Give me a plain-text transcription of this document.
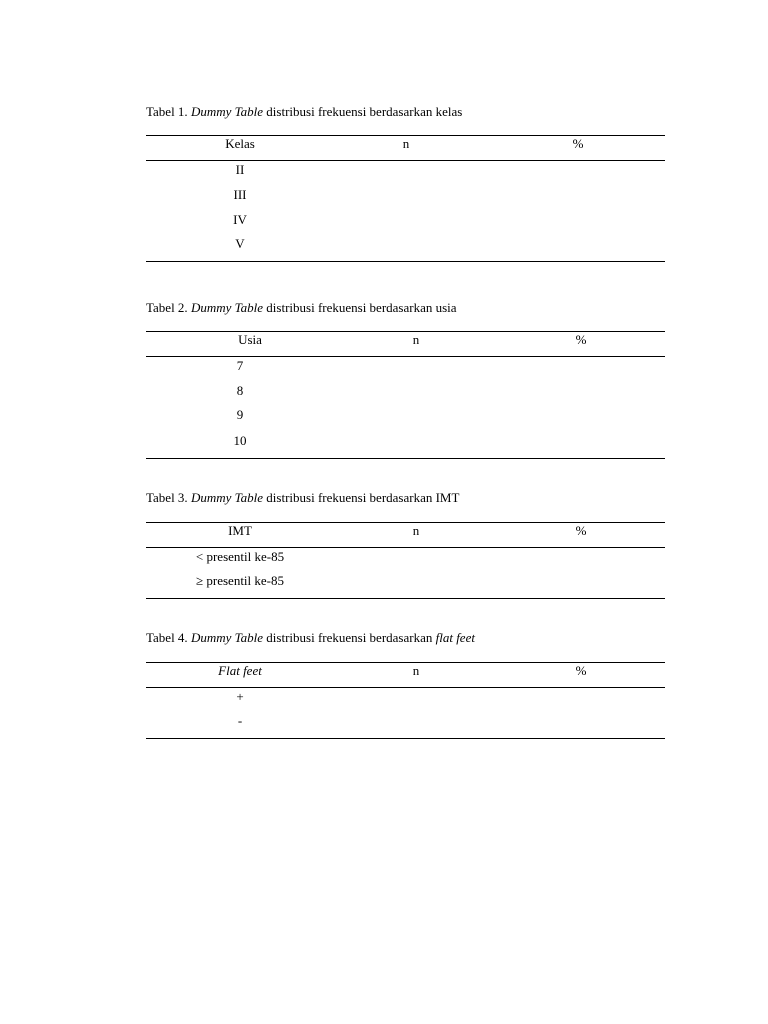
Tabel 1. Dummy Table distribusi frekuensi berdasarkan kelas
Kelas	n	%
II
III
IV
V
Tabel 2. Dummy Table distribusi frekuensi berdasarkan usia
Usia	n	%
7
8
9
10
Tabel 3. Dummy Table distribusi frekuensi berdasarkan IMT
IMT	n	%
< presentil ke-85
≥ presentil ke-85
Tabel 4. Dummy Table distribusi frekuensi berdasarkan flat feet
Flat feet	n	%
+
-
